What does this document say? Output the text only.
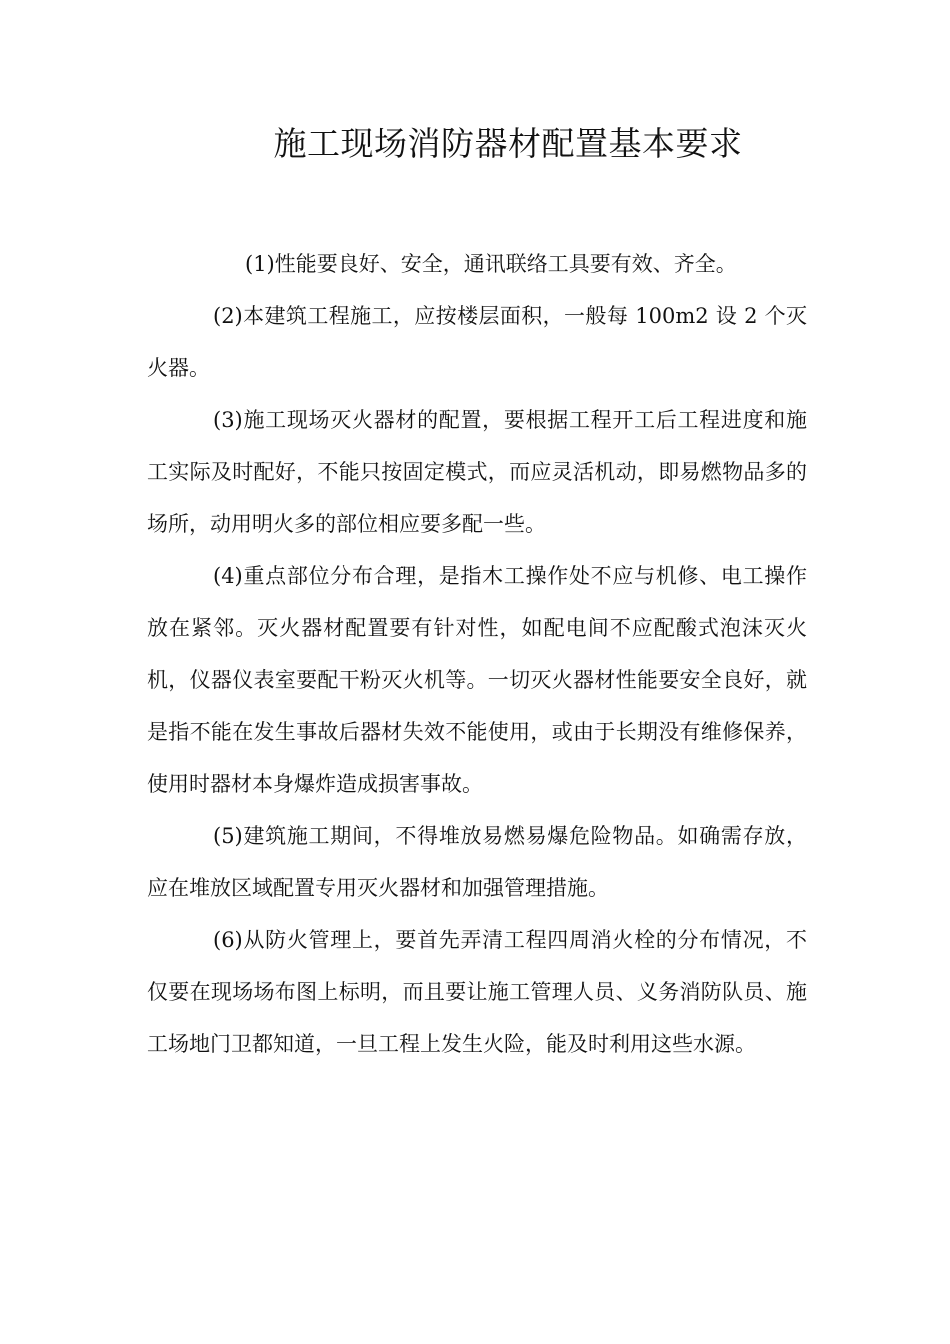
施工现场消防器材配置基本要求

(1)性能要良好、安全，通讯联络工具要有效、齐全。

(2)本建筑工程施工，应按楼层面积，一般每 100m2 设 2 个灭火器。

(3)施工现场灭火器材的配置，要根据工程开工后工程进度和施工实际及时配好，不能只按固定模式，而应灵活机动，即易燃物品多的场所，动用明火多的部位相应要多配一些。

(4)重点部位分布合理，是指木工操作处不应与机修、电工操作放在紧邻。灭火器材配置要有针对性，如配电间不应配酸式泡沫灭火机，仪器仪表室要配干粉灭火机等。一切灭火器材性能要安全良好，就是指不能在发生事故后器材失效不能使用，或由于长期没有维修保养，使用时器材本身爆炸造成损害事故。

(5)建筑施工期间，不得堆放易燃易爆危险物品。如确需存放，应在堆放区域配置专用灭火器材和加强管理措施。

(6)从防火管理上，要首先弄清工程四周消火栓的分布情况，不仅要在现场场布图上标明，而且要让施工管理人员、义务消防队员、施工场地门卫都知道，一旦工程上发生火险，能及时利用这些水源。
